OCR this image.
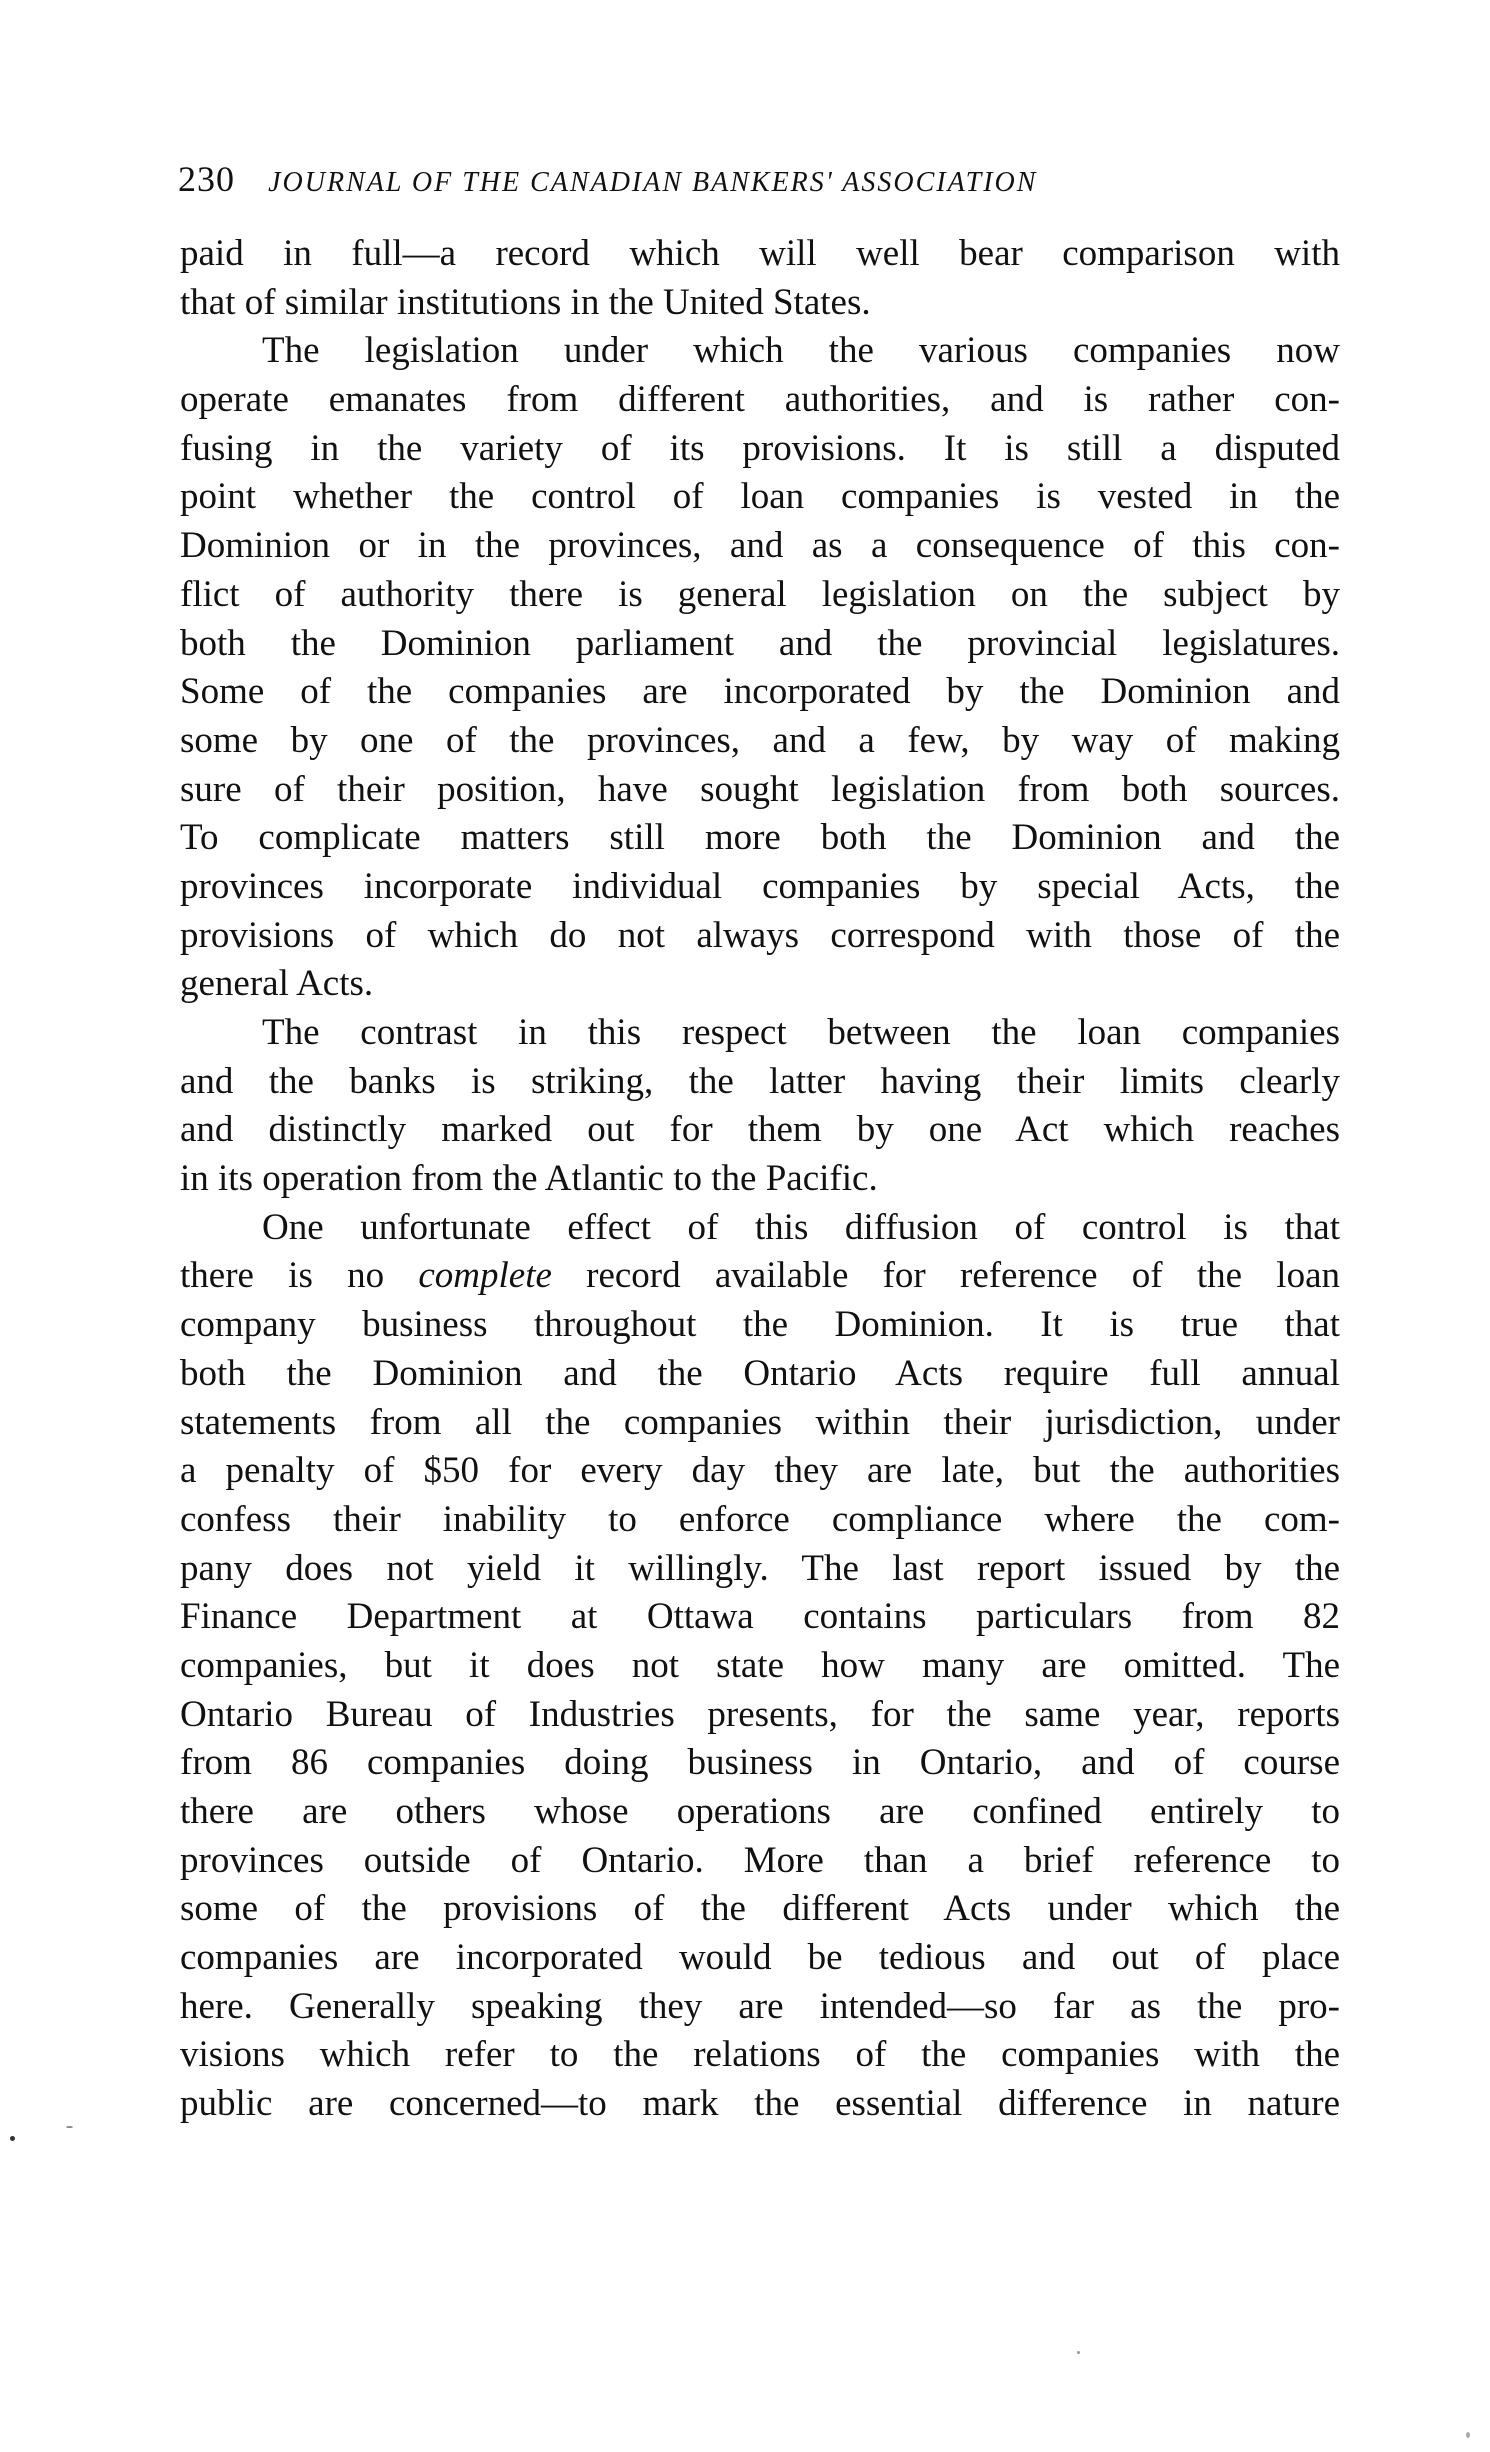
230 JOURNAL OF THE CANADIAN BANKERS' ASSOCIATION
paid in full—a record which will well bear comparison with
that of similar institutions in the United States.
The legislation under which the various companies now
operate emanates from different authorities, and is rather con-
fusing in the variety of its provisions. It is still a disputed
point whether the control of loan companies is vested in the
Dominion or in the provinces, and as a consequence of this con-
flict of authority there is general legislation on the subject by
both the Dominion parliament and the provincial legislatures.
Some of the companies are incorporated by the Dominion and
some by one of the provinces, and a few, by way of making
sure of their position, have sought legislation from both sources.
To complicate matters still more both the Dominion and the
provinces incorporate individual companies by special Acts, the
provisions of which do not always correspond with those of the
general Acts.
The contrast in this respect between the loan companies
and the banks is striking, the latter having their limits clearly
and distinctly marked out for them by one Act which reaches
in its operation from the Atlantic to the Pacific.
One unfortunate effect of this diffusion of control is that
there is no complete record available for reference of the loan
company business throughout the Dominion. It is true that
both the Dominion and the Ontario Acts require full annual
statements from all the companies within their jurisdiction, under
a penalty of $50 for every day they are late, but the authorities
confess their inability to enforce compliance where the com-
pany does not yield it willingly. The last report issued by the
Finance Department at Ottawa contains particulars from 82
companies, but it does not state how many are omitted. The
Ontario Bureau of Industries presents, for the same year, reports
from 86 companies doing business in Ontario, and of course
there are others whose operations are confined entirely to
provinces outside of Ontario. More than a brief reference to
some of the provisions of the different Acts under which the
companies are incorporated would be tedious and out of place
here. Generally speaking they are intended—so far as the pro-
visions which refer to the relations of the companies with the
public are concerned—to mark the essential difference in nature
